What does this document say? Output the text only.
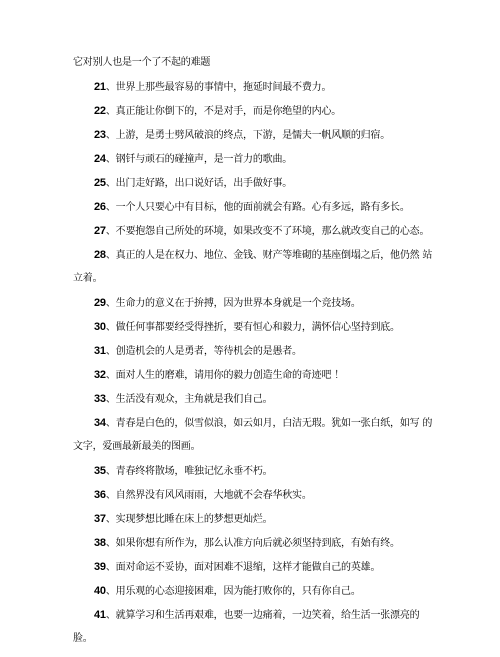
它对别人也是一个了不起的难题
21、世界上那些最容易的事情中，拖延时间最不费力。
22、真正能让你倒下的，不是对手，而是你绝望的内心。
23、上游，是勇士劈风破浪的终点，下游，是懦夫一帆风顺的归宿。
24、钢钎与顽石的碰撞声，是一首力的歌曲。
25、出门走好路，出口说好话，出手做好事。
26、一个人只要心中有目标，他的面前就会有路。心有多远，路有多长。
27、不要抱怨自己所处的环境，如果改变不了环境，那么就改变自己的心态。
28、真正的人是在权力、地位、金钱、财产等堆砌的基座倒塌之后，他仍然 站
立着。
29、生命力的意义在于拚搏，因为世界本身就是一个竞技场。
30、做任何事都要经受得挫折，要有恒心和毅力，满怀信心坚持到底。
31、创造机会的人是勇者，等待机会的是愚者。
32、面对人生的磨难，请用你的毅力创造生命的奇迹吧 ！
33、生活没有观众，主角就是我们自己。
34、青春是白色的，似雪似浪，如云如月，白洁无瑕。犹如一张白纸，如写 的
文字，爱画最新最美的图画。
35、青春终将散场，唯独记忆永垂不朽。
36、自然界没有风风雨雨，大地就不会春华秋实。
37、实现梦想比睡在床上的梦想更灿烂。
38、如果你想有所作为，那么认准方向后就必须坚持到底，有始有终。
39、面对命运不妥协，面对困难不退缩，这样才能做自己的英雄。
40、用乐观的心态迎接困难，因为能打败你的，只有你自己。
41、就算学习和生活再艰难，也要一边痛着，一边笑着，给生活一张漂亮的
脸。
